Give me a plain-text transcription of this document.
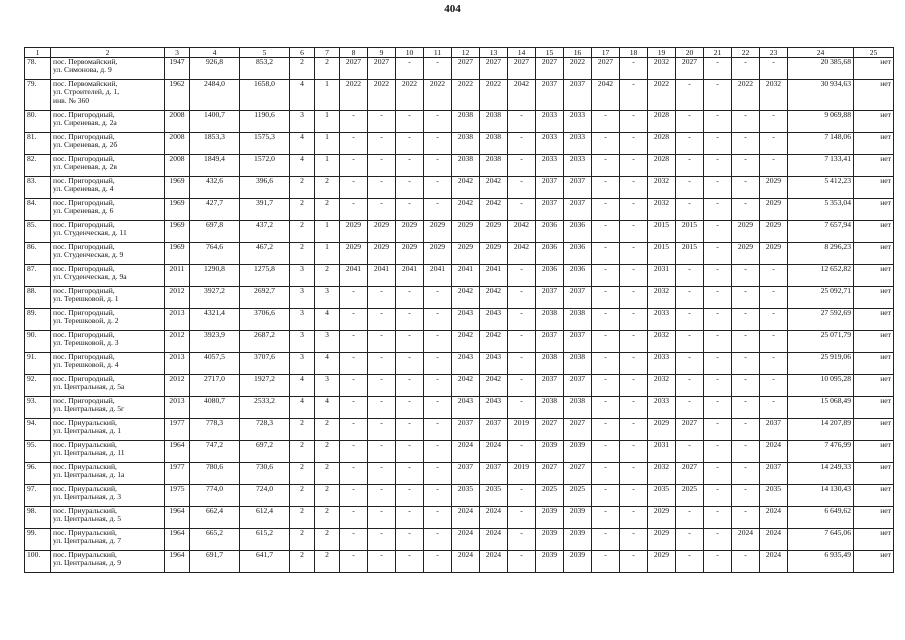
404
1	2	3	4	5	6	7	8	9	10	11	12	13	14	15	16	17	18	19	20	21	22	23	24	25
78.	пос. Первомайский,
ул. Симонова, д. 9	1947	926,8	853,2	2	2	2027	2027	-	-	2027	2027	2027	2027	2022	2027	-	2032	2027	-	-	-	20 385,68	нет
79.	пос. Первомайский,
ул. Строителей, д. 1,
инв. № 360	1962	2484,0	1658,0	4	1	2022	2022	2022	2022	2022	2022	2042	2037	2037	2042	-	2022	-	-	2022	2032	30 934,63	нет
80.	пос. Пригородный,
ул. Сиреневая, д. 2а	2008	1400,7	1190,6	3	1	-	-	-	-	2038	2038	-	2033	2033	-	-	2028	-	-	-	-	9 069,88	нет
81.	пос. Пригородный,
ул. Сиреневая, д. 2б	2008	1853,3	1575,3	4	1	-	-	-	-	2038	2038	-	2033	2033	-	-	2028	-	-	-	-	7 148,06	нет
82.	пос. Пригородный,
ул. Сиреневая, д. 2в	2008	1849,4	1572,0	4	1	-	-	-	-	2038	2038	-	2033	2033	-	-	2028	-	-	-	-	7 133,41	нет
83.	пос. Пригородный,
ул. Сиреневая, д. 4	1969	432,6	396,6	2	2	-	-	-	-	2042	2042	-	2037	2037	-	-	2032	-	-	-	2029	5 412,23	нет
84.	пос. Пригородный,
ул. Сиреневая, д. 6	1969	427,7	391,7	2	2	-	-	-	-	2042	2042	-	2037	2037	-	-	2032	-	-	-	2029	5 353,04	нет
85.	пос. Пригородный,
ул. Студенческая, д. 11	1969	697,8	437,2	2	1	2029	2029	2029	2029	2029	2029	2042	2036	2036	-	-	2015	2015	-	2029	2029	7 657,94	нет
86.	пос. Пригородный,
ул. Студенческая, д. 9	1969	764,6	467,2	2	1	2029	2029	2029	2029	2029	2029	2042	2036	2036	-	-	2015	2015	-	2029	2029	8 296,23	нет
87.	пос. Пригородный,
ул. Студенческая, д. 9а	2011	1290,8	1275,8	3	2	2041	2041	2041	2041	2041	2041	-	2036	2036	-	-	2031	-	-	-	-	12 652,82	нет
88.	пос. Пригородный,
ул. Терешковой, д. 1	2012	3927,2	2692,7	3	3	-	-	-	-	2042	2042	-	2037	2037	-	-	2032	-	-	-	-	25 092,71	нет
89.	пос. Пригородный,
ул. Терешковой, д. 2	2013	4321,4	3706,6	3	4	-	-	-	-	2043	2043	-	2038	2038	-	-	2033	-	-	-	-	27 592,69	нет
90.	пос. Пригородный,
ул. Терешковой, д. 3	2012	3923,9	2687,2	3	3	-	-	-	-	2042	2042	-	2037	2037	-	-	2032	-	-	-	-	25 071,79	нет
91.	пос. Пригородный,
ул. Терешковой, д. 4	2013	4057,5	3707,6	3	4	-	-	-	-	2043	2043	-	2038	2038	-	-	2033	-	-	-	-	25 919,06	нет
92.	пос. Пригородный,
ул. Центральная, д. 5а	2012	2717,0	1927,2	4	3	-	-	-	-	2042	2042	-	2037	2037	-	-	2032	-	-	-	-	10 095,28	нет
93.	пос. Пригородный,
ул. Центральная, д. 5г	2013	4080,7	2533,2	4	4	-	-	-	-	2043	2043	-	2038	2038	-	-	2033	-	-	-	-	15 068,49	нет
94.	пос. Приуральский,
ул. Центральная, д. 1	1977	778,3	728,3	2	2	-	-	-	-	2037	2037	2019	2027	2027	-	-	2029	2027	-	-	2037	14 207,89	нет
95.	пос. Приуральский,
ул. Центральная, д. 11	1964	747,2	697,2	2	2	-	-	-	-	2024	2024	-	2039	2039	-	-	2031	-	-	-	2024	7 476,99	нет
96.	пос. Приуральский,
ул. Центральная, д. 1а	1977	780,6	730,6	2	2	-	-	-	-	2037	2037	2019	2027	2027	-	-	2032	2027	-	-	2037	14 249,33	нет
97.	пос. Приуральский,
ул. Центральная, д. 3	1975	774,0	724,0	2	2	-	-	-	-	2035	2035	-	2025	2025	-	-	2035	2025	-	-	2035	14 130,43	нет
98.	пос. Приуральский,
ул. Центральная, д. 5	1964	662,4	612,4	2	2	-	-	-	-	2024	2024	-	2039	2039	-	-	2029	-	-	-	2024	6 649,62	нет
99.	пос. Приуральский,
ул. Центральная, д. 7	1964	665,2	615,2	2	2	-	-	-	-	2024	2024	-	2039	2039	-	-	2029	-	-	2024	2024	7 645,06	нет
100.	пос. Приуральский,
ул. Центральная, д. 9	1964	691,7	641,7	2	2	-	-	-	-	2024	2024	-	2039	2039	-	-	2029	-	-	-	2024	6 935,49	нет
